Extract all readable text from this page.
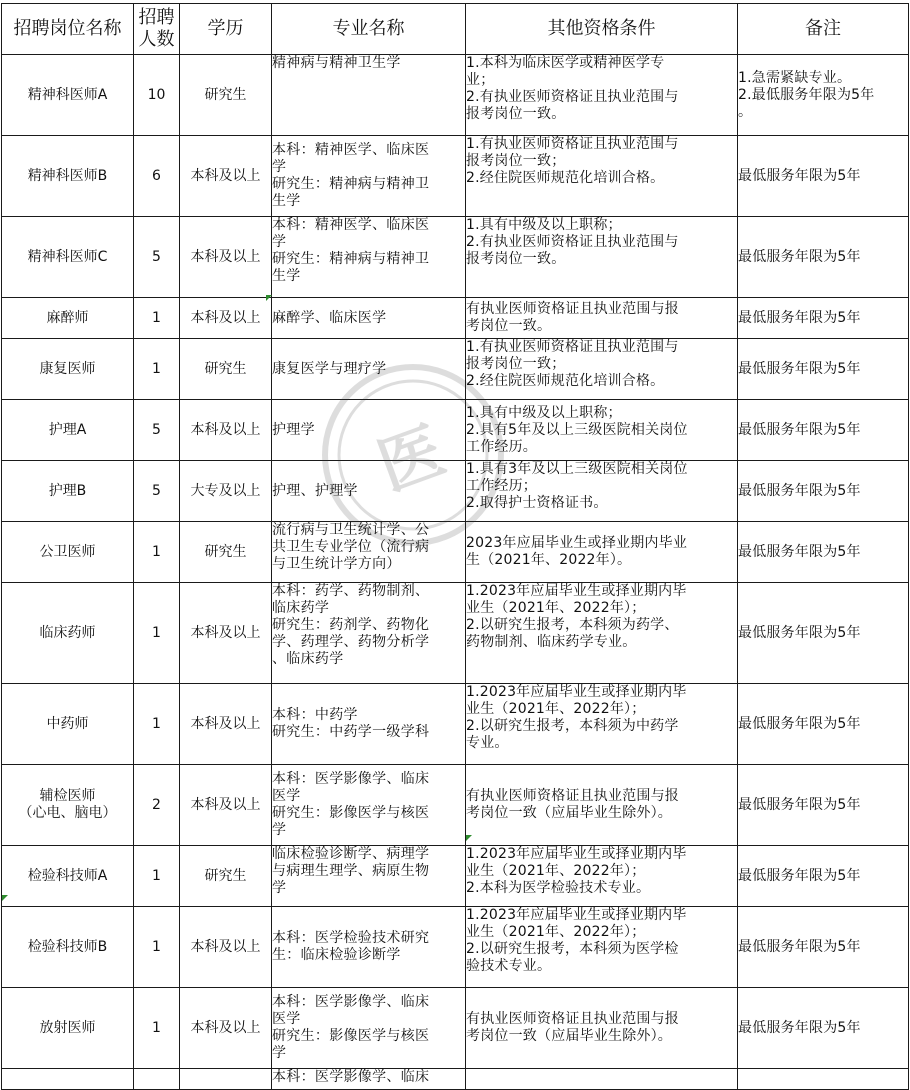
招聘岗位名称	招聘
人数	学历	专业名称	其他资格条件	备注

精神科医师A	10	研究生	精神病与精神卫生学	1.本科为临床医学或精神医学专
业；
2.有执业医师资格证且执业范围与
报考岗位一致。	1.急需紧缺专业。
2.最低服务年限为5年
。

精神科医师B	6	本科及以上	本科：精神医学、临床医
学
研究生：精神病与精神卫
生学	1.有执业医师资格证且执业范围与
报考岗位一致；
2.经住院医师规范化培训合格。	最低服务年限为5年

精神科医师C	5	本科及以上	本科：精神医学、临床医
学
研究生：精神病与精神卫
生学	1.具有中级及以上职称；
2.有执业医师资格证且执业范围与
报考岗位一致。	最低服务年限为5年

麻醉师	1	本科及以上	麻醉学、临床医学	有执业医师资格证且执业范围与报
考岗位一致。	最低服务年限为5年

康复医师	1	研究生	康复医学与理疗学	1.有执业医师资格证且执业范围与
报考岗位一致；
2.经住院医师规范化培训合格。	最低服务年限为5年

护理A	5	本科及以上	护理学	1.具有中级及以上职称；
2.具有5年及以上三级医院相关岗位
工作经历。	最低服务年限为5年

护理B	5	大专及以上	护理、护理学	1.具有3年及以上三级医院相关岗位
工作经历；
2.取得护士资格证书。	最低服务年限为5年

公卫医师	1	研究生	流行病与卫生统计学、公
共卫生专业学位（流行病
与卫生统计学方向）	2023年应届毕业生或择业期内毕业
生（2021年、2022年）。	最低服务年限为5年

临床药师	1	本科及以上	本科：药学、药物制剂、
临床药学
研究生：药剂学、药物化
学、药理学、药物分析学
、临床药学	1.2023年应届毕业生或择业期内毕
业生（2021年、2022年）；
2.以研究生报考，本科须为药学、
药物制剂、临床药学专业。	最低服务年限为5年

中药师	1	本科及以上	本科：中药学
研究生：中药学一级学科	1.2023年应届毕业生或择业期内毕
业生（2021年、2022年）；
2.以研究生报考，本科须为中药学
专业。	最低服务年限为5年

辅检医师
（心电、脑电）	2	本科及以上	本科：医学影像学、临床
医学
研究生：影像医学与核医
学	有执业医师资格证且执业范围与报
考岗位一致（应届毕业生除外）。	最低服务年限为5年

检验科技师A	1	研究生	临床检验诊断学、病理学
与病理生理学、病原生物
学	1.2023年应届毕业生或择业期内毕
业生（2021年、2022年）；
2.本科为医学检验技术专业。	最低服务年限为5年

检验科技师B	1	本科及以上	本科：医学检验技术研究
生：临床检验诊断学	1.2023年应届毕业生或择业期内毕
业生（2021年、2022年）；
2.以研究生报考，本科须为医学检
验技术专业。	最低服务年限为5年

放射医师	1	本科及以上	本科：医学影像学、临床
医学
研究生：影像医学与核医
学	有执业医师资格证且执业范围与报
考岗位一致（应届毕业生除外）。	最低服务年限为5年

			本科：医学影像学、临床		

医
